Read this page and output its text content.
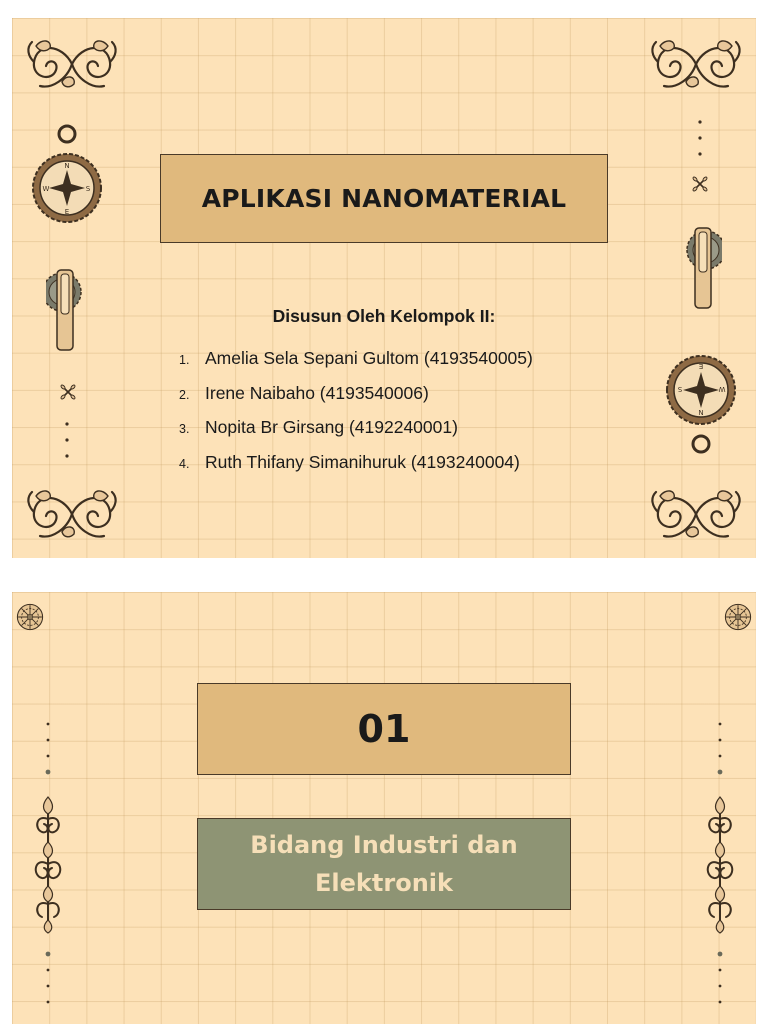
N
E
W	S
N
E
W
S
APLIKASI NANOMATERIAL
Disusun Oleh Kelompok II:
1. Amelia Sela Sepani Gultom (4193540005)
2. Irene Naibaho (4193540006)
3. Nopita Br Girsang (4192240001)
4. Ruth Thifany Simanihuruk (4193240004)
01
Bidang Industri dan Elektronik
